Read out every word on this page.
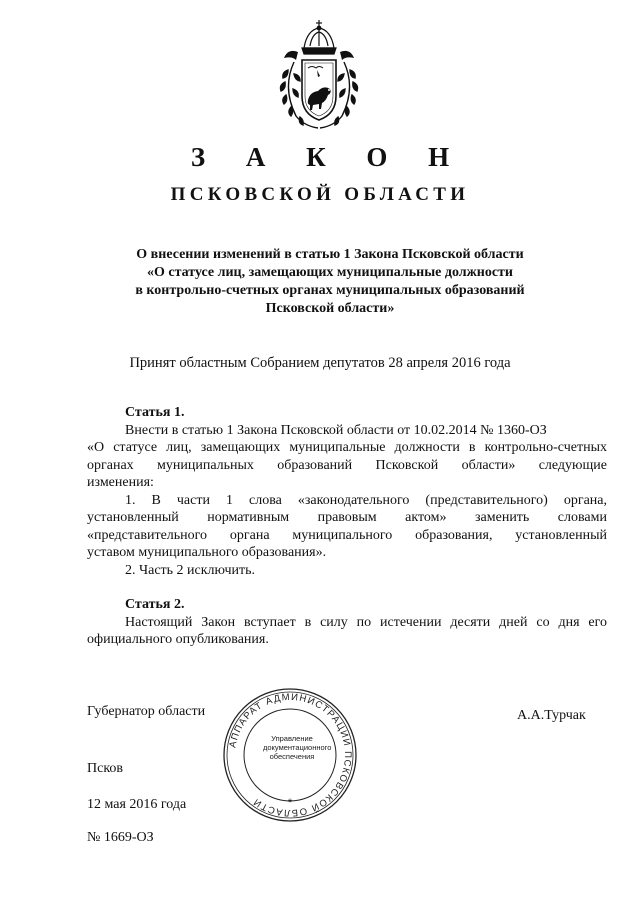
З А К О Н
ПСКОВСКОЙ ОБЛАСТИ
О внесении изменений в статью 1 Закона Псковской области
«О статусе лиц, замещающих муниципальные должности
в контрольно-счетных органах муниципальных образований
Псковской области»
Принят областным Собранием депутатов 28 апреля 2016 года
Статья 1.
Внести в статью 1 Закона Псковской области от 10.02.2014 № 1360-ОЗ
«О статусе лиц, замещающих муниципальные должности в контрольно-счетных
органах муниципальных образований Псковской области» следующие
изменения:
1. В части 1 слова «законодательного (представительного) органа,
установленный нормативным правовым актом» заменить словами
«представительного органа муниципального образования, установленный
уставом муниципального образования».
2. Часть 2 исключить.
Статья 2.
Настоящий Закон вступает в силу по истечении десяти дней со дня его
официального опубликования.
АППАРАТ АДМИНИСТРАЦИИ ПСКОВСКОЙ ОБЛАСТИ	*
Управление
документационного
обеспечения
Губернатор области	А.А.Турчак
Псков
12 мая 2016 года
№ 1669-ОЗ
